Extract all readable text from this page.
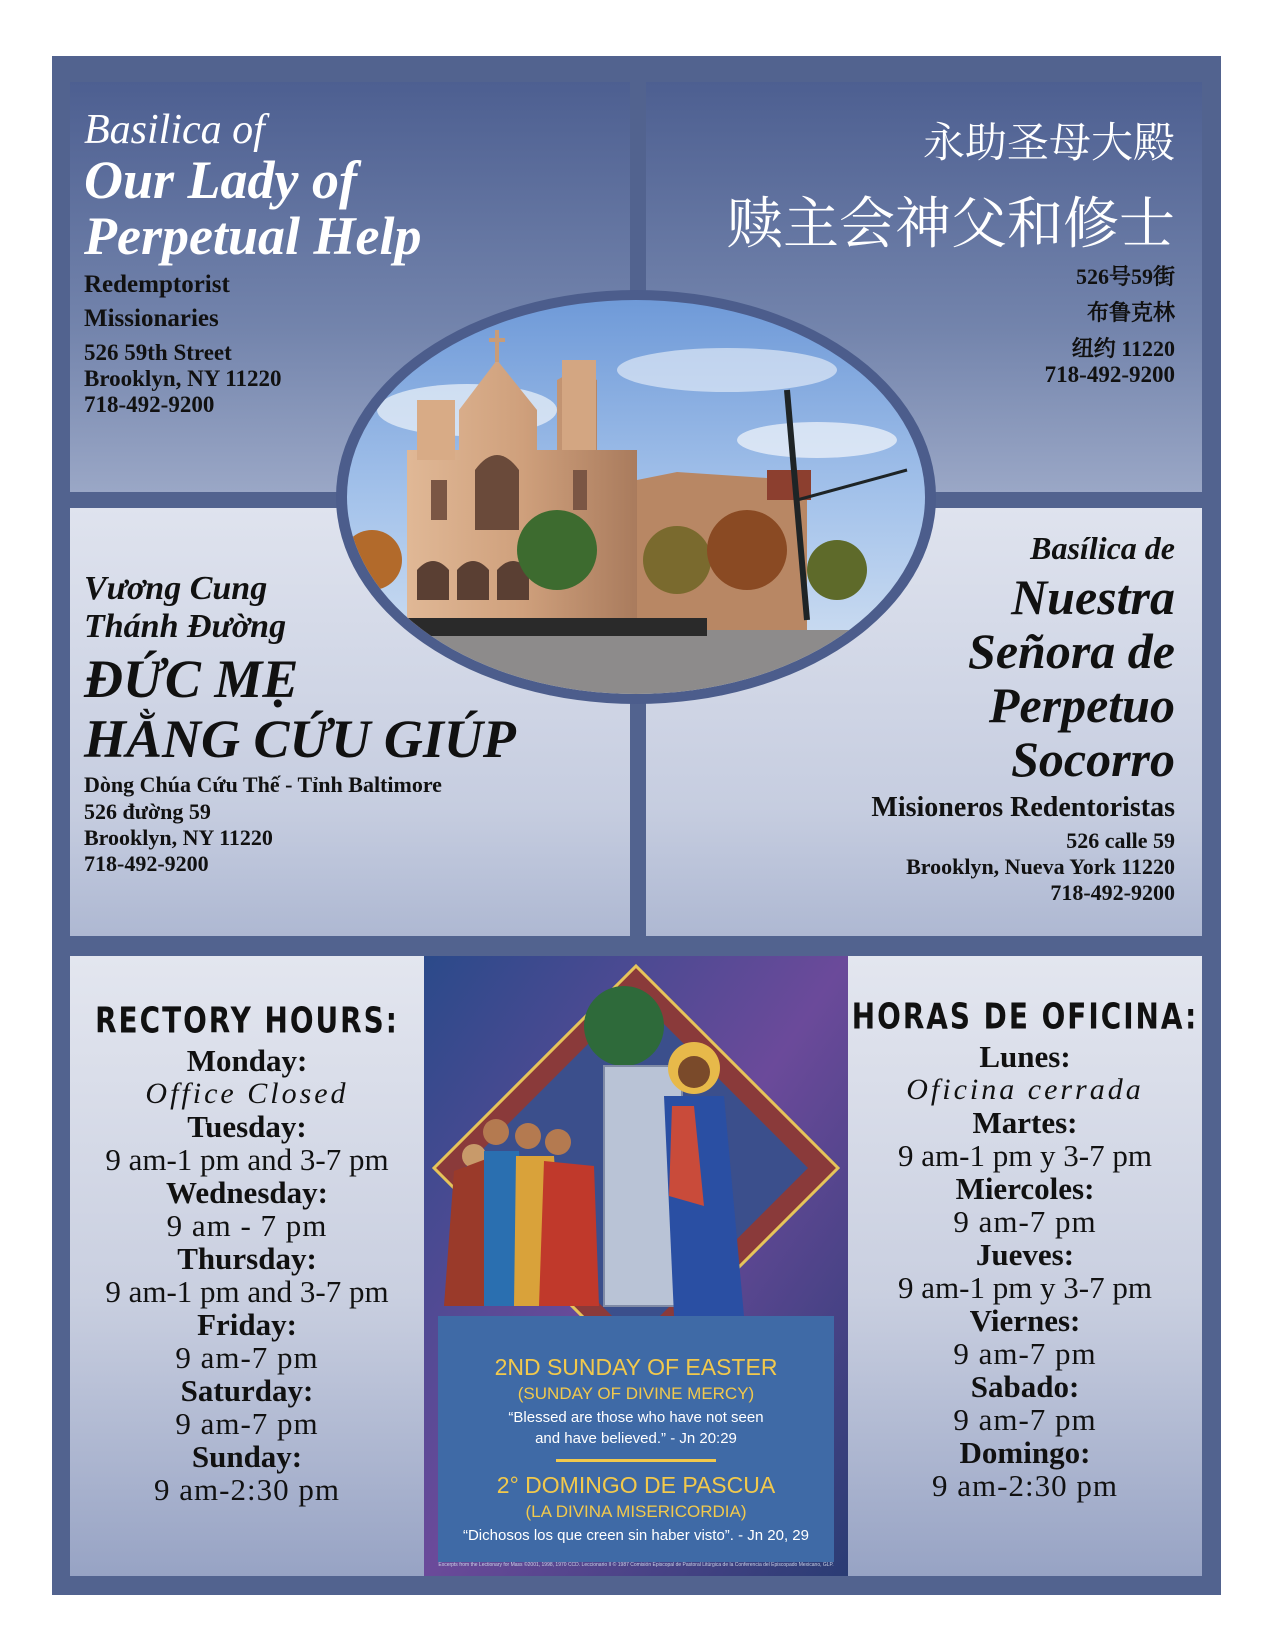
Basilica of
Our Lady of
Perpetual Help
Redemptorist
Missionaries
526 59th Street
Brooklyn, NY 11220
718-492-9200
永助圣母大殿
赎主会神父和修士
526号59街
布鲁克林
纽约 11220
718-492-9200
Vương Cung
Thánh Đường
ĐỨC MẸ
HẰNG CỨU GIÚP
Dòng Chúa Cứu Thế - Tỉnh Baltimore
526 đường 59
Brooklyn, NY 11220
718-492-9200
Basílica de
Nuestra
Señora de
Perpetuo
Socorro
Misioneros Redentoristas
526 calle 59
Brooklyn, Nueva York 11220
718-492-9200
RECTORY HOURS:
Monday:
Office Closed
Tuesday:
9 am-1 pm and 3-7 pm
Wednesday:
9 am - 7 pm
Thursday:
9 am-1 pm and 3-7 pm
Friday:
9 am-7 pm
Saturday:
9 am-7 pm
Sunday:
9 am-2:30 pm
HORAS DE OFICINA:
Lunes:
Oficina cerrada
Martes:
9 am-1 pm y 3-7 pm
Miercoles:
9 am-7 pm
Jueves:
9 am-1 pm y 3-7 pm
Viernes:
9 am-7 pm
Sabado:
9 am-7 pm
Domingo:
9 am-2:30 pm
2ND SUNDAY OF EASTER
(SUNDAY OF DIVINE MERCY)
“Blessed are those who have not seen
and have believed.” - Jn 20:29
2° DOMINGO DE PASCUA
(LA DIVINA MISERICORDIA)
“Dichosos los que creen sin haber visto”. - Jn 20, 29
Excerpts from the Lectionary for Mass ©2001, 1998, 1970 CCD. Leccionario II © 1987 Comisión Episcopal de Pastoral Litúrgica de la Conferencia del Episcopado Mexicano, GLP.
